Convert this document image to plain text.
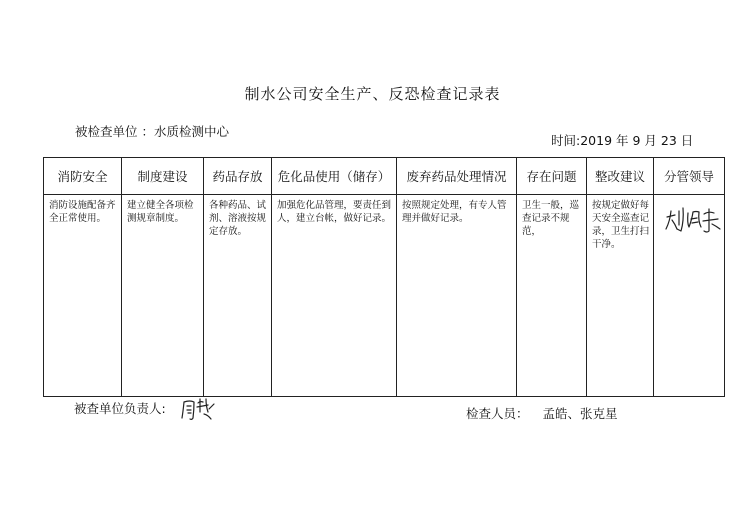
制水公司安全生产、反恐检查记录表
被检查单位 ：水质检测中心
时间:2019 年 9 月 23 日
消防安全	制度建设	药品存放	危化品使用（储存）	废弃药品处理情况	存在问题	整改建议	分管领导
消防设施配备齐全正常使用。	建立健全各项检测规章制度。	各种药品、试剂、溶液按规定存放。	加强危化品管理，要责任到人，建立台帐，做好记录。	按照规定处理，有专人管理并做好记录。	卫生一般，巡查记录不规范，	按规定做好每天安全巡查记录，卫生打扫干净。	
被查单位负责人:	检查人员： 孟皓、张克星
